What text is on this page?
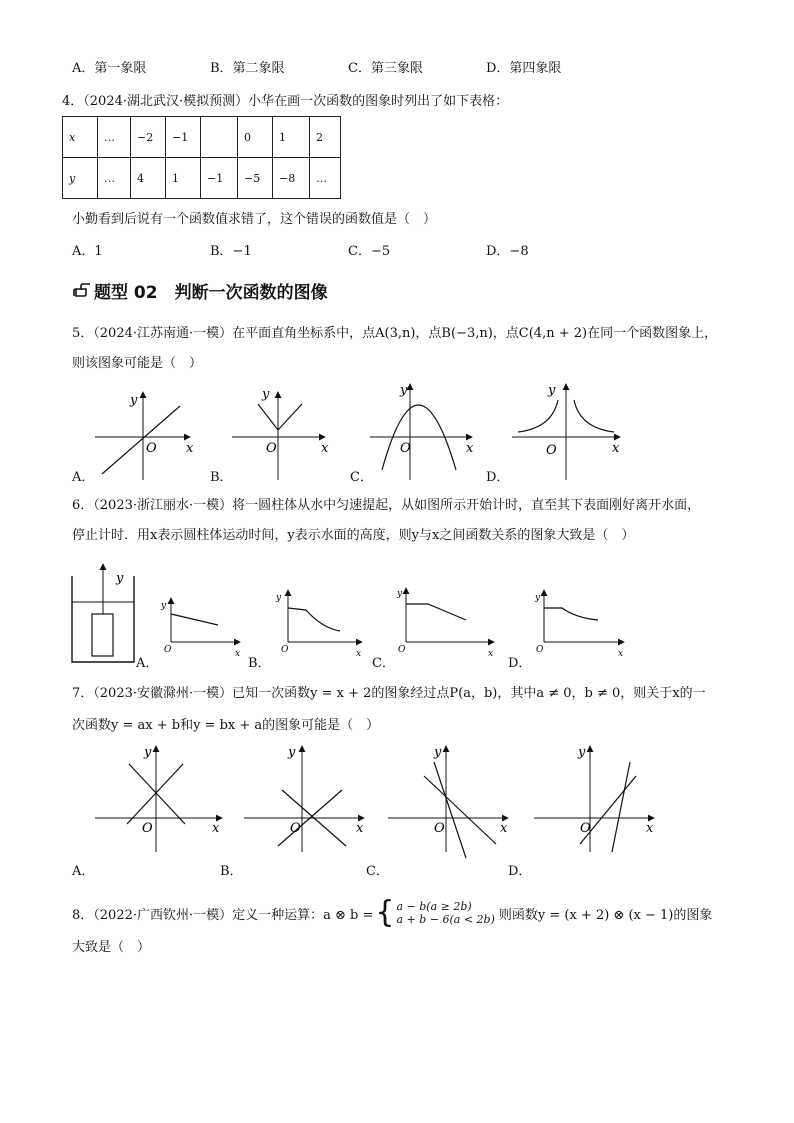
A．第一象限	B．第二象限	C．第三象限	D．第四象限
4．（2024·湖北武汉·模拟预测）小华在画一次函数的图象时列出了如下表格：
x	…	−2	−1		0	1	2
y	…	4	1	−1	−5	−8	…
小勤看到后说有一个函数值求错了，这个错误的函数值是（　）
A．1	B．−1	C．−5	D．−8
题型 02　判断一次函数的图像
5．（2024·江苏南通·一模）在平面直角坐标系中，点A(3,n)，点B(−3,n)，点C(4,n + 2)在同一个函数图象上，
则该图象可能是（　）
y
x
O
y
x
O
y
x
O
y
x
O
A．	B．	C．	D．
6．（2023·浙江丽水·一模）将一圆柱体从水中匀速提起，从如图所示开始计时，直至其下表面刚好离开水面，
停止计时．用x表示圆柱体运动时间，y表示水面的高度，则y与x之间函数关系的图象大致是（　）
y
y
O	x
y
O	x
y
O	x
y
O	x
A．	B．	C．	D．
7．（2023·安徽滁州·一模）已知一次函数y = x + 2的图象经过点P(a，b)，其中a ≠ 0，b ≠ 0，则关于x的一
次函数y = ax + b和y = bx + a的图象可能是（　）
y
O	x
y
O	x
y
O	x
y
O	x
A．	B．	C．	D．
8．（2022·广西钦州·一模）定义一种运算：a ⊗ b = { a − b(a ≥ 2b)
a + b − 6(a < 2b) 则函数y = (x + 2) ⊗ (x − 1)的图象
大致是（　）
